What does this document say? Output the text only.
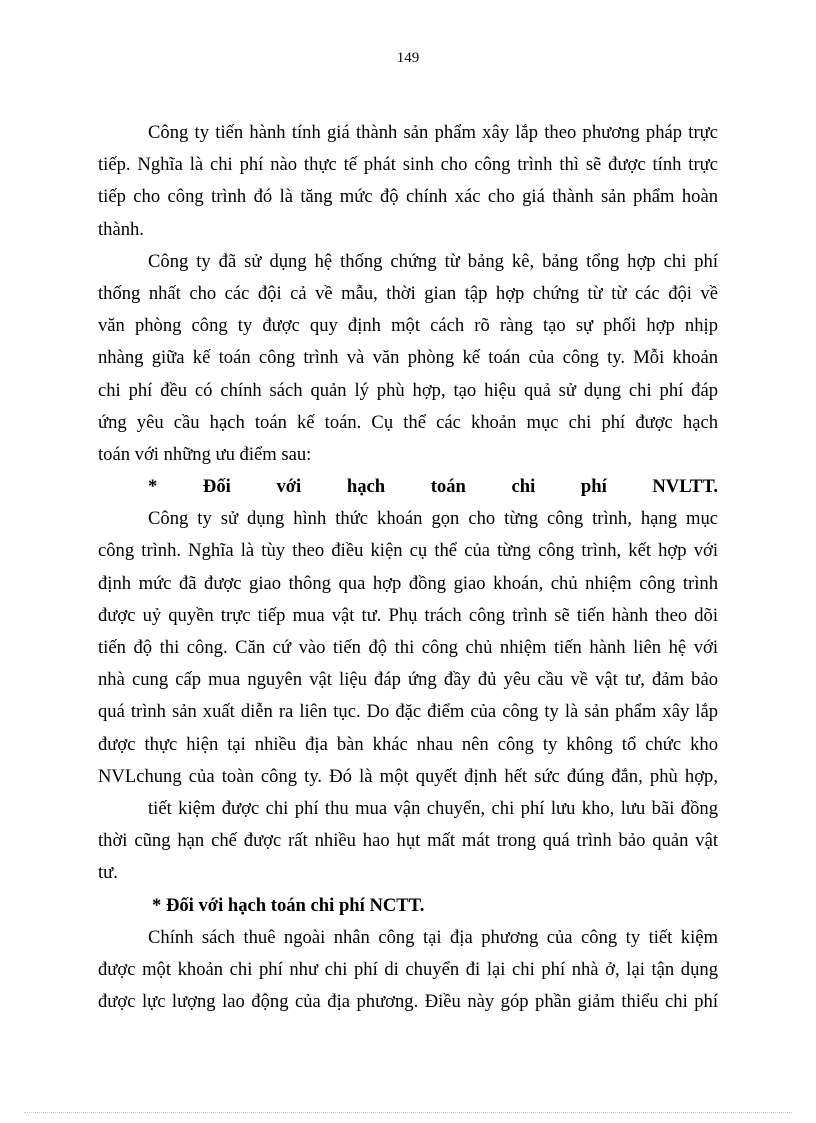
149
Công ty tiến hành tính giá thành sản phẩm xây lắp theo phương pháp trực
tiếp. Nghĩa là chi phí nào thực tế phát sinh cho công trình thì sẽ được tính trực
tiếp cho công trình đó là tăng mức độ chính xác cho giá thành sản phẩm hoàn
thành.
Công ty đã sử dụng hệ thống chứng từ bảng kê, bảng tổng hợp chi phí
thống nhất cho các đội cả về mẫu, thời gian tập hợp chứng từ từ các đội về
văn phòng công ty được quy định một cách rõ ràng tạo sự phối hợp nhịp
nhàng giữa kế toán công trình và văn phòng kế toán của công ty. Mỗi khoản
chi phí đều có chính sách quản lý phù hợp, tạo hiệu quả sử dụng chi phí đáp
ứng yêu cầu hạch toán kế toán. Cụ thể các khoản mục chi phí được hạch
toán với những ưu điểm sau:
* Đối với hạch toán chi phí NVLTT.
Công ty sử dụng hình thức khoán gọn cho từng công trình, hạng mục
công trình. Nghĩa là tùy theo điều kiện cụ thể của từng công trình, kết hợp với
định mức đã được giao thông qua hợp đồng giao khoán, chủ nhiệm công trình
được uỷ quyền trực tiếp mua vật tư. Phụ trách công trình sẽ tiến hành theo dõi
tiến độ thi công. Căn cứ vào tiến độ thi công chủ nhiệm tiến hành liên hệ với
nhà cung cấp mua nguyên vật liệu đáp ứng đầy đủ yêu cầu về vật tư, đảm bảo
quá trình sản xuất diễn ra liên tục. Do đặc điểm của công ty là sản phẩm xây lắp
được thực hiện tại nhiều địa bàn khác nhau nên công ty không tổ chức kho
NVLchung của toàn công ty. Đó là một quyết định hết sức đúng đắn, phù hợp,
tiết kiệm được chi phí thu mua vận chuyển, chi phí lưu kho, lưu bãi đồng
thời cũng hạn chế được rất nhiều hao hụt mất mát trong quá trình bảo quản vật
tư.
* Đối với hạch toán chi phí NCTT.
Chính sách thuê ngoài nhân công tại địa phương của công ty tiết kiệm
được một khoản chi phí như chi phí di chuyển đi lại chi phí nhà ở, lại tận dụng
được lực lượng lao động của địa phương. Điều này góp phần giảm thiểu chi phí
